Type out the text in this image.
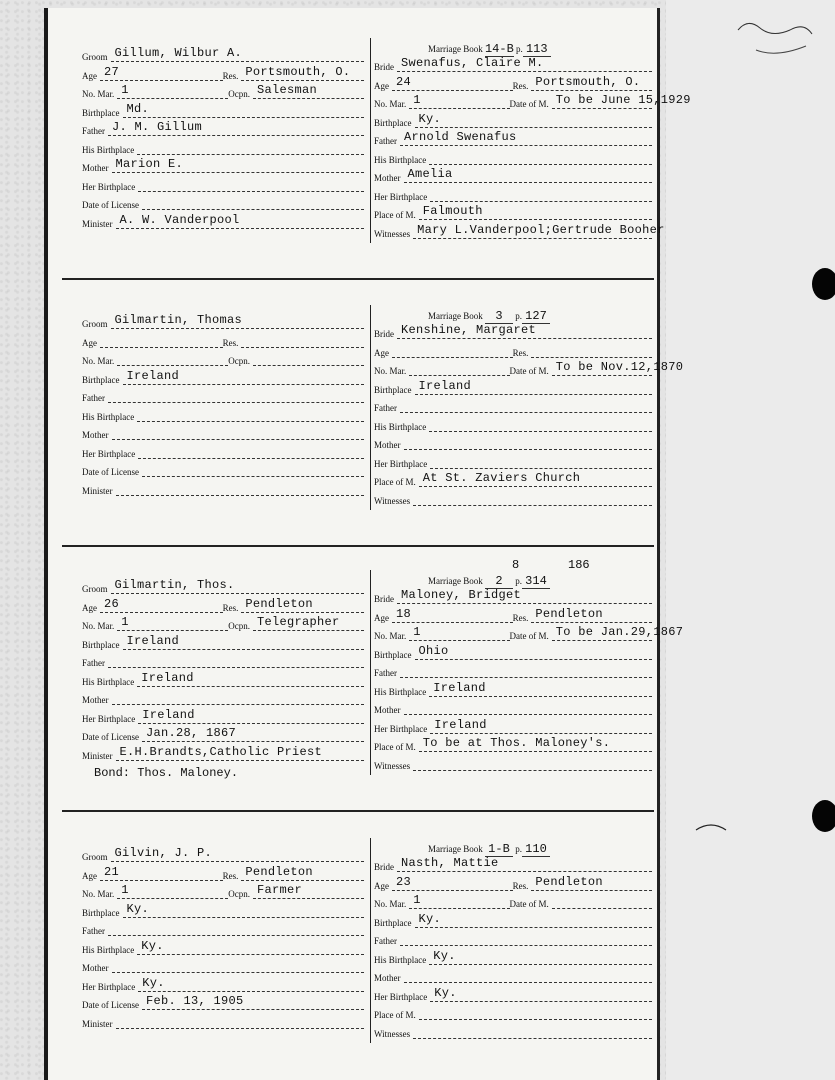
Marriage Book 14-B p. 113
Groom Gillum, Wilbur A.
Age 27	Res. Portsmouth, O.
No. Mar. 1	Ocpn. Salesman
Birthplace Md.
Father J. M. Gillum
His Birthplace
Mother Marion E.
Her Birthplace
Date of License
Minister A. W. Vanderpool
Bride Swenafus, Claire M.
Age 24	Res. Portsmouth, O.
No. Mar. 1	Date of M. To be June 15,1929
Birthplace Ky.
Father Arnold Swenafus
His Birthplace
Mother Amelia
Her Birthplace
Place of M. Falmouth
Witnesses Mary L.Vanderpool;Gertrude Booher
Marriage Book 3 p. 127
Groom Gilmartin, Thomas
Age	Res.
No. Mar.	Ocpn.
Birthplace Ireland
Father
His Birthplace
Mother
Her Birthplace
Date of License
Minister
Bride Kenshine, Margaret
Age	Res.
No. Mar.	Date of M. To be Nov.12,1870
Birthplace Ireland
Father
His Birthplace
Mother
Her Birthplace
Place of M. At St. Zaviers Church
Witnesses
Marriage Book 2 p. 314
8	186
Groom Gilmartin, Thos.
Age 26	Res. Pendleton
No. Mar. 1	Ocpn. Telegrapher
Birthplace Ireland
Father
His Birthplace Ireland
Mother
Her Birthplace Ireland
Date of License Jan.28, 1867
Minister E.H.Brandts,Catholic Priest
Bride Maloney, Bridget
Age 18	Res. Pendleton
No. Mar. 1	Date of M. To be Jan.29,1867
Birthplace Ohio
Father
His Birthplace Ireland
Mother
Her Birthplace Ireland
Place of M. To be at Thos. Maloney's.
Witnesses
Bond: Thos. Maloney.
Marriage Book 1-B p. 110
Groom Gilvin, J. P.
Age 21	Res. Pendleton
No. Mar. 1	Ocpn. Farmer
Birthplace Ky.
Father
His Birthplace Ky.
Mother
Her Birthplace Ky.
Date of License Feb. 13, 1905
Minister
Bride Nasth, Mattie
Age 23	Res. Pendleton
No. Mar. 1	Date of M.
Birthplace Ky.
Father
His Birthplace Ky.
Mother
Her Birthplace Ky.
Place of M.
Witnesses
